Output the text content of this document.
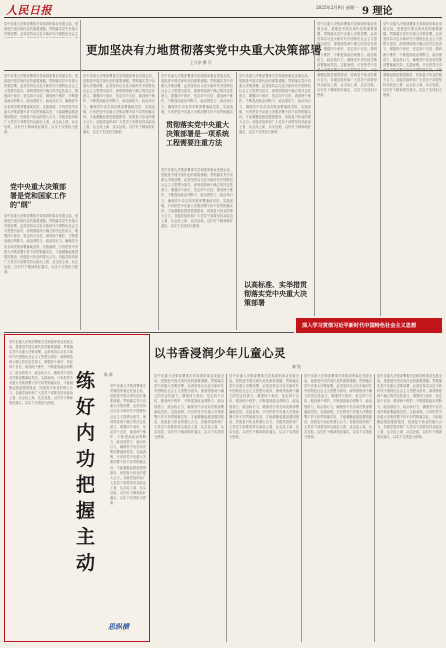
人民日报	2025年2月9日 星期一 9 理论
更加坚决有力地贯彻落实党中央重大决策部署
王开余 撰 写
党中央重大决策部署事关党和国家事业发展全局，是推进中国式现代化的重要遵循。贯彻落实党中央重大决策部署，必须坚持以习近平新时代中国特色社会主
党中央重大决策部署事关党和国家事业发展全局，是推进中国式现代化的重要遵循。贯彻落实党中央重大决策部署，必须坚持以习近平新时代中国特色社会主义思想为指导，深刻领悟两个确立的决定性意义，增强四个意识、坚定四个自信、做到两个维护，不断提高政治判断力、政治领悟力、政治执行力，确保党中央各项决策部署落地见效。实践表明，只有把党中央重大决策部署不折不扣贯彻落实好，才能凝聚起推进强国建设、民族复兴伟业的强大合力。各级党组织和广大党员干部要坚持从政治上看、从全局上谋、从实处抓，以钉钉子精神抓好落实，以实干实绩担当使命。
党中央重大决策部署是党和国家工作的"纲"
党中央重大决策部署事关党和国家事业发展全局，是推进中国式现代化的重要遵循。贯彻落实党中央重大决策部署，必须坚持以习近平新时代中国特色社会主义思想为指导，深刻领悟两个确立的决定性意义，增强四个意识、坚定四个自信、做到两个维护，不断提高政治判断力、政治领悟力、政治执行力，确保党中央各项决策部署落地见效。实践表明，只有把党中央重大决策部署不折不扣贯彻落实好，才能凝聚起推进强国建设、民族复兴伟业的强大合力。各级党组织和广大党员干部要坚持从政治上看、从全局上谋、从实处抓，以钉钉子精神抓好落实，以实干实绩担当使命。
党中央重大决策部署事关党和国家事业发展全局，是推进中国式现代化的重要遵循。贯彻落实党中央重大决策部署，必须坚持以习近平新时代中国特色社会主义思想为指导，深刻领悟两个确立的决定性意义，增强四个意识、坚定四个自信、做到两个维护，不断提高政治判断力、政治领悟力、政治执行力，确保党中央各项决策部署落地见效。实践表明，只有把党中央重大决策部署不折不扣贯彻落实好，才能凝聚起推进强国建设、民族复兴伟业的强大合力。各级党组织和广大党员干部要坚持从政治上看、从全局上谋、从实处抓，以钉钉子精神抓好落实，以实干实绩担当使命。
党中央重大决策部署事关党和国家事业发展全局，是推进中国式现代化的重要遵循。贯彻落实党中央重大决策部署，必须坚持以习近平新时代中国特色社会主义思想为指导，深刻领悟两个确立的决定性意义，增强四个意识、坚定四个自信、做到两个维护，不断提高政治判断力、政治领悟力、政治执行力，确保党中央各项决策部署落地见效。实践表明，只有把党中央重大决策部署不折不扣贯彻落实
贯彻落实党中央重大决策部署是一项系统工程需要注重方法
党中央重大决策部署事关党和国家事业发展全局，是推进中国式现代化的重要遵循。贯彻落实党中央重大决策部署，必须坚持以习近平新时代中国特色社会主义思想为指导，深刻领悟两个确立的决定性意义，增强四个意识、坚定四个自信、做到两个维护，不断提高政治判断力、政治领悟力、政治执行力，确保党中央各项决策部署落地见效。实践表明，只有把党中央重大决策部署不折不扣贯彻落实好，才能凝聚起推进强国建设、民族复兴伟业的强大合力。各级党组织和广大党员干部要坚持从政治上看、从全局上谋、从实处抓，以钉钉子精神抓好落实，以实干实绩担当使命。
党中央重大决策部署事关党和国家事业发展全局，是推进中国式现代化的重要遵循。贯彻落实党中央重大决策部署，必须坚持以习近平新时代中国特色社会主义思想为指导，深刻领悟两个确立的决定性意义，增强四个意识、坚定四个自信、做到两个维护，不断提高政治判断力、政治领悟力、政治执行力，确保党中央各项决策部署落地见效。实践表明，只有把党中央重大决策部署不折不扣贯彻落实好，才能凝聚起推进强国建设、民族复兴伟业的强大合力。各级党组织和广大党员干部要坚持从政治上看、从全局上谋、从实处抓，以钉钉子精神抓好落实，以实干实绩担当使命。
以高标准、实举措贯彻落实党中央重大决策部署
党中央重大决策部署事关党和国家事业发展全局，是推进中国式现代化的重要遵循。贯彻落实党中央重大决策部署，必须坚持以习近平新时代中国特色社会主义思想为指导，深刻领悟两个确立的决定性意义，增强四个意识、坚定四个自信、做到两个维护，不断提高政治判断力、政治领悟力、政治执行力，确保党中央各项决策部署落地见效。实践表明，只有把党中央重大决策部署不折不扣贯彻落实好，才能凝聚起推进强国建设、民族复兴伟业的强大合力。各级党组织和广大党员干部要坚持从政治上看、从全局上谋、从实处抓，以钉钉子精神抓好落实，以实干实绩担当使命。
党中央重大决策部署事关党和国家事业发展全局，是推进中国式现代化的重要遵循。贯彻落实党中央重大决策部署，必须坚持以习近平新时代中国特色社会主义思想为指导，深刻领悟两个确立的决定性意义，增强四个意识、坚定四个自信、做到两个维护，不断提高政治判断力、政治领悟力、政治执行力，确保党中央各项决策部署落地见效。实践表明，只有把党中央重大决策部署不折不扣贯彻落实好，才能凝聚起推进强国建设、民族复兴伟业的强大合力。各级党组织和广大党员干部要坚持从政治上看、从全局上谋、从实处抓，以钉钉子精神抓好落实，以实干实绩担当使命。
深入学习贯彻习近平新时代中国特色社会主义思想
党中央重大决策部署事关党和国家事业发展全局，是推进中国式现代化的重要遵循。贯彻落实党中央重大决策部署，必须坚持以习近平新时代中国特色社会主义思想为指导，深刻领悟两个确立的决定性意义，增强四个意识、坚定四个自信、做到两个维护，不断提高政治判断力、政治领悟力、政治执行力，确保党中央各项决策部署落地见效。实践表明，只有把党中央重大决策部署不折不扣贯彻落实好，才能凝聚起推进强国建设、民族复兴伟业的强大合力。各级党组织和广大党员干部要坚持从政治上看、从全局上谋、从实处抓，以钉钉子精神抓好落实，以实干实绩担当使命。
练好内功把握主动
陈 新
党中央重大决策部署事关党和国家事业发展全局，是推进中国式现代化的重要遵循。贯彻落实党中央重大决策部署，必须坚持以习近平新时代中国特色社会主义思想为指导，深刻领悟两个确立的决定性意义，增强四个意识、坚定四个自信、做到两个维护，不断提高政治判断力、政治领悟力、政治执行力，确保党中央各项决策部署落地见效。实践表明，只有把党中央重大决策部署不折不扣贯彻落实好，才能凝聚起推进强国建设、民族复兴伟业的强大合力。各级党组织和广大党员干部要坚持从政治上看、从全局上谋、从实处抓，以钉钉子精神抓好落实，以实干实绩担当使命。
思纵横
以书香浸润少年儿童心灵
秦 锐
党中央重大决策部署事关党和国家事业发展全局，是推进中国式现代化的重要遵循。贯彻落实党中央重大决策部署，必须坚持以习近平新时代中国特色社会主义思想为指导，深刻领悟两个确立的决定性意义，增强四个意识、坚定四个自信、做到两个维护，不断提高政治判断力、政治领悟力、政治执行力，确保党中央各项决策部署落地见效。实践表明，只有把党中央重大决策部署不折不扣贯彻落实好，才能凝聚起推进强国建设、民族复兴伟业的强大合力。各级党组织和广大党员干部要坚持从政治上看、从全局上谋、从实处抓，以钉钉子精神抓好落实，以实干实绩担当使命。
党中央重大决策部署事关党和国家事业发展全局，是推进中国式现代化的重要遵循。贯彻落实党中央重大决策部署，必须坚持以习近平新时代中国特色社会主义思想为指导，深刻领悟两个确立的决定性意义，增强四个意识、坚定四个自信、做到两个维护，不断提高政治判断力、政治领悟力、政治执行力，确保党中央各项决策部署落地见效。实践表明，只有把党中央重大决策部署不折不扣贯彻落实好，才能凝聚起推进强国建设、民族复兴伟业的强大合力。各级党组织和广大党员干部要坚持从政治上看、从全局上谋、从实处抓，以钉钉子精神抓好落实，以实干实绩担当使命。
党中央重大决策部署事关党和国家事业发展全局，是推进中国式现代化的重要遵循。贯彻落实党中央重大决策部署，必须坚持以习近平新时代中国特色社会主义思想为指导，深刻领悟两个确立的决定性意义，增强四个意识、坚定四个自信、做到两个维护，不断提高政治判断力、政治领悟力、政治执行力，确保党中央各项决策部署落地见效。实践表明，只有把党中央重大决策部署不折不扣贯彻落实好，才能凝聚起推进强国建设、民族复兴伟业的强大合力。各级党组织和广大党员干部要坚持从政治上看、从全局上谋、从实处抓，以钉钉子精神抓好落实，以实干实绩担当使命。
党中央重大决策部署事关党和国家事业发展全局，是推进中国式现代化的重要遵循。贯彻落实党中央重大决策部署，必须坚持以习近平新时代中国特色社会主义思想为指导，深刻领悟两个确立的决定性意义，增强四个意识、坚定四个自信、做到两个维护，不断提高政治判断力、政治领悟力、政治执行力，确保党中央各项决策部署落地见效。实践表明，只有把党中央重大决策部署不折不扣贯彻落实好，才能凝聚起推进强国建设、民族复兴伟业的强大合力。各级党组织和广大党员干部要坚持从政治上看、从全局上谋、从实处抓，以钉钉子精神抓好落实，以实干实绩担当使命。
